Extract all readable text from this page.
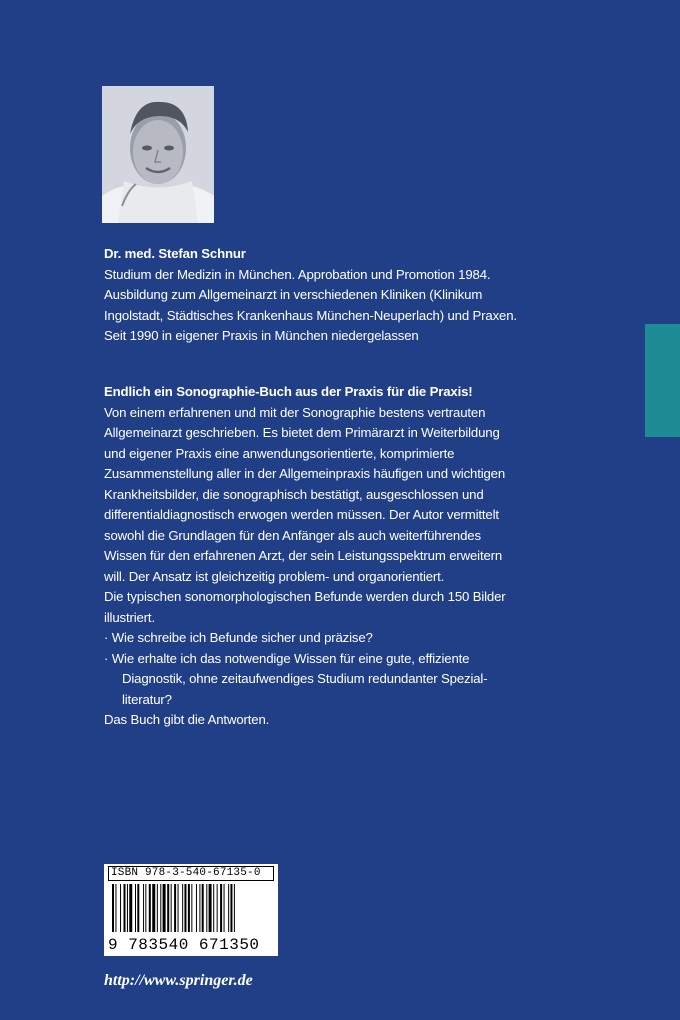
Dr. med. Stefan Schnur
Studium der Medizin in München. Approbation und Promotion 1984.
Ausbildung zum Allgemeinarzt in verschiedenen Kliniken (Klinikum
Ingolstadt, Städtisches Krankenhaus München-Neuperlach) und Praxen.
Seit 1990 in eigener Praxis in München niedergelassen
Endlich ein Sonographie-Buch aus der Praxis für die Praxis!
Von einem erfahrenen und mit der Sonographie bestens vertrauten
Allgemeinarzt geschrieben. Es bietet dem Primärarzt in Weiterbildung
und eigener Praxis eine anwendungsorientierte, komprimierte
Zusammenstellung aller in der Allgemeinpraxis häufigen und wichtigen
Krankheitsbilder, die sonographisch bestätigt, ausgeschlossen und
differentialdiagnostisch erwogen werden müssen. Der Autor vermittelt
sowohl die Grundlagen für den Anfänger als auch weiterführendes
Wissen für den erfahrenen Arzt, der sein Leistungsspektrum erweitern
will. Der Ansatz ist gleichzeitig problem- und organorientiert.
Die typischen sonomorphologischen Befunde werden durch 150 Bilder
illustriert.
· Wie schreibe ich Befunde sicher und präzise?
· Wie erhalte ich das notwendige Wissen für eine gute, effiziente
Diagnostik, ohne zeitaufwendiges Studium redundanter Spezial-
literatur?
Das Buch gibt die Antworten.
ISBN 978-3-540-67135-0
9 783540 671350
http://www.springer.de
